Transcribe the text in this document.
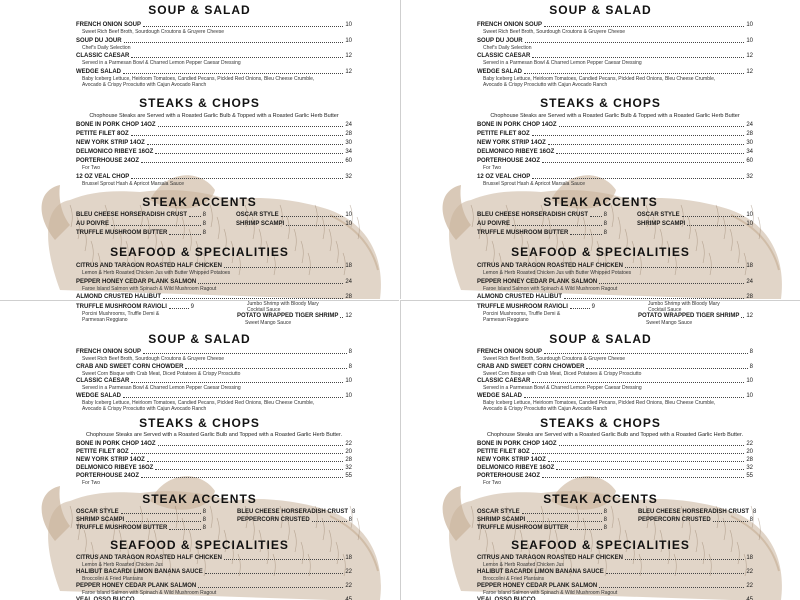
SOUP & SALAD
FRENCH ONION SOUP	10
Sweet Rich Beef Broth, Sourdough Croutons & Gruyere Cheese
SOUP DU JOUR	10
Chef's Daily Selection
CLASSIC CAESAR	12
Served in a Parmesan Bowl & Charred Lemon Pepper Caesar Dressing
WEDGE SALAD	12
Baby Iceberg Lettuce, Heirloom Tomatoes, Candied Pecans, Pickled Red Onions, Bleu Cheese Crumble,
Avocado & Crispy Prosciutto with Cajun Avocado Ranch
STEAKS & CHOPS
Chophouse Steaks are Served with a Roasted Garlic Bulb & Topped with a Roasted Garlic Herb Butter
BONE IN PORK CHOP 14OZ	24
PETITE FILET 8OZ	28
NEW YORK STRIP 14OZ	30
DELMONICO RIBEYE 16OZ	34
PORTERHOUSE 24OZ	60
For Two
12 OZ VEAL CHOP	32
Brussel Sprout Hash & Apricot Marsala Sauce
STEAK ACCENTS
BLEU CHEESE HORSERADISH CRUST	8
AU POIVRE	8
TRUFFLE MUSHROOM BUTTER	8
OSCAR STYLE	10
SHRIMP SCAMPI	10
SEAFOOD & SPECIALITIES
CITRUS AND TARAGON ROASTED HALF CHICKEN	18
Lemon & Herb Roasted Chicken Jus with Butter Whipped Potatoes
PEPPER HONEY CEDAR PLANK SALMON	24
Faroe Island Salmon with Spinach & Wild Mushroom Ragout
ALMOND CRUSTED HALIBUT	28
SOUP & SALAD
FRENCH ONION SOUP	10
Sweet Rich Beef Broth, Sourdough Croutons & Gruyere Cheese
SOUP DU JOUR	10
Chef's Daily Selection
CLASSIC CAESAR	12
Served in a Parmesan Bowl & Charred Lemon Pepper Caesar Dressing
WEDGE SALAD	12
Baby Iceberg Lettuce, Heirloom Tomatoes, Candied Pecans, Pickled Red Onions, Bleu Cheese Crumble,
Avocado & Crispy Prosciutto with Cajun Avocado Ranch
STEAKS & CHOPS
Chophouse Steaks are Served with a Roasted Garlic Bulb & Topped with a Roasted Garlic Herb Butter
BONE IN PORK CHOP 14OZ	24
PETITE FILET 8OZ	28
NEW YORK STRIP 14OZ	30
DELMONICO RIBEYE 16OZ	34
PORTERHOUSE 24OZ	60
For Two
12 OZ VEAL CHOP	32
Brussel Sprout Hash & Apricot Marsala Sauce
STEAK ACCENTS
BLEU CHEESE HORSERADISH CRUST	8
AU POIVRE	8
TRUFFLE MUSHROOM BUTTER	8
OSCAR STYLE	10
SHRIMP SCAMPI	10
SEAFOOD & SPECIALITIES
CITRUS AND TARAGON ROASTED HALF CHICKEN	18
Lemon & Herb Roasted Chicken Jus with Butter Whipped Potatoes
PEPPER HONEY CEDAR PLANK SALMON	24
Faroe Island Salmon with Spinach & Wild Mushroom Ragout
ALMOND CRUSTED HALIBUT	28
SOUP & SALAD
FRENCH ONION SOUP	8
Sweet Rich Beef Broth, Sourdough Croutons & Gruyere Cheese
CRAB AND SWEET CORN CHOWDER	8
Sweet Corn Bisque with Crab Meat, Diced Potatoes & Crispy Prosciutto
CLASSIC CAESAR	10
Served in a Parmesan Bowl & Charred Lemon Pepper Caesar Dressing
WEDGE SALAD	10
Baby Iceberg Lettuce, Heirloom Tomatoes, Candied Pecans, Pickled Red Onions, Bleu Cheese Crumble,
Avocado & Crispy Prosciutto with Cajun Avocado Ranch
STEAKS & CHOPS
Chophouse Steaks are Served with a Roasted Garlic Bulb and Topped with a Roasted Garlic Herb Butter.
BONE IN PORK CHOP 14OZ	22
PETITE FILET 8OZ	20
NEW YORK STRIP 14OZ	28
DELMONICO RIBEYE 16OZ	32
PORTERHOUSE 24OZ	55
For Two
STEAK ACCENTS
OSCAR STYLE	8
SHRIMP SCAMPI	8
TRUFFLE MUSHROOM BUTTER	8
BLEU CHEESE HORSERADISH CRUST 8
PEPPERCORN CRUSTED	8
SEAFOOD & SPECIALITIES
CITRUS AND TARAGON ROASTED HALF CHICKEN	18
Lemon & Herb Roasted Chicken Jus
HALIBUT BACARDI LIMON BANANA SAUCE	22
Broccolini & Fried Plantains
PEPPER HONEY CEDAR PLANK SALMON	22
Faroe Island Salmon with Spinach & Wild Mushroom Ragout
VEAL OSSO BUCCO	45
TRUFFLE MUSHROOM RAVIOLI	9
Porcini Mushrooms, Truffle Demi &
Parmesan Reggiano
Jumbo Shrimp with Bloody Mary
Cocktail Sauce
POTATO WRAPPED TIGER SHRIMP 12
Sweet Mango Sauce
SOUP & SALAD
FRENCH ONION SOUP	8
Sweet Rich Beef Broth, Sourdough Croutons & Gruyere Cheese
CRAB AND SWEET CORN CHOWDER	8
Sweet Corn Bisque with Crab Meat, Diced Potatoes & Crispy Prosciutto
CLASSIC CAESAR	10
Served in a Parmesan Bowl & Charred Lemon Pepper Caesar Dressing
WEDGE SALAD	10
Baby Iceberg Lettuce, Heirloom Tomatoes, Candied Pecans, Pickled Red Onions, Bleu Cheese Crumble,
Avocado & Crispy Prosciutto with Cajun Avocado Ranch
STEAKS & CHOPS
Chophouse Steaks are Served with a Roasted Garlic Bulb and Topped with a Roasted Garlic Herb Butter.
BONE IN PORK CHOP 14OZ	22
PETITE FILET 8OZ	20
NEW YORK STRIP 14OZ	28
DELMONICO RIBEYE 16OZ	32
PORTERHOUSE 24OZ	55
For Two
STEAK ACCENTS
OSCAR STYLE	8
SHRIMP SCAMPI	8
TRUFFLE MUSHROOM BUTTER	8
BLEU CHEESE HORSERADISH CRUST 8
PEPPERCORN CRUSTED	8
SEAFOOD & SPECIALITIES
CITRUS AND TARAGON ROASTED HALF CHICKEN	18
Lemon & Herb Roasted Chicken Jus
HALIBUT BACARDI LIMON BANANA SAUCE	22
Broccolini & Fried Plantains
PEPPER HONEY CEDAR PLANK SALMON	22
Faroe Island Salmon with Spinach & Wild Mushroom Ragout
VEAL OSSO BUCCO	45
TRUFFLE MUSHROOM RAVIOLI	9
Porcini Mushrooms, Truffle Demi &
Parmesan Reggiano
Jumbo Shrimp with Bloody Mary
Cocktail Sauce
POTATO WRAPPED TIGER SHRIMP 12
Sweet Mango Sauce
